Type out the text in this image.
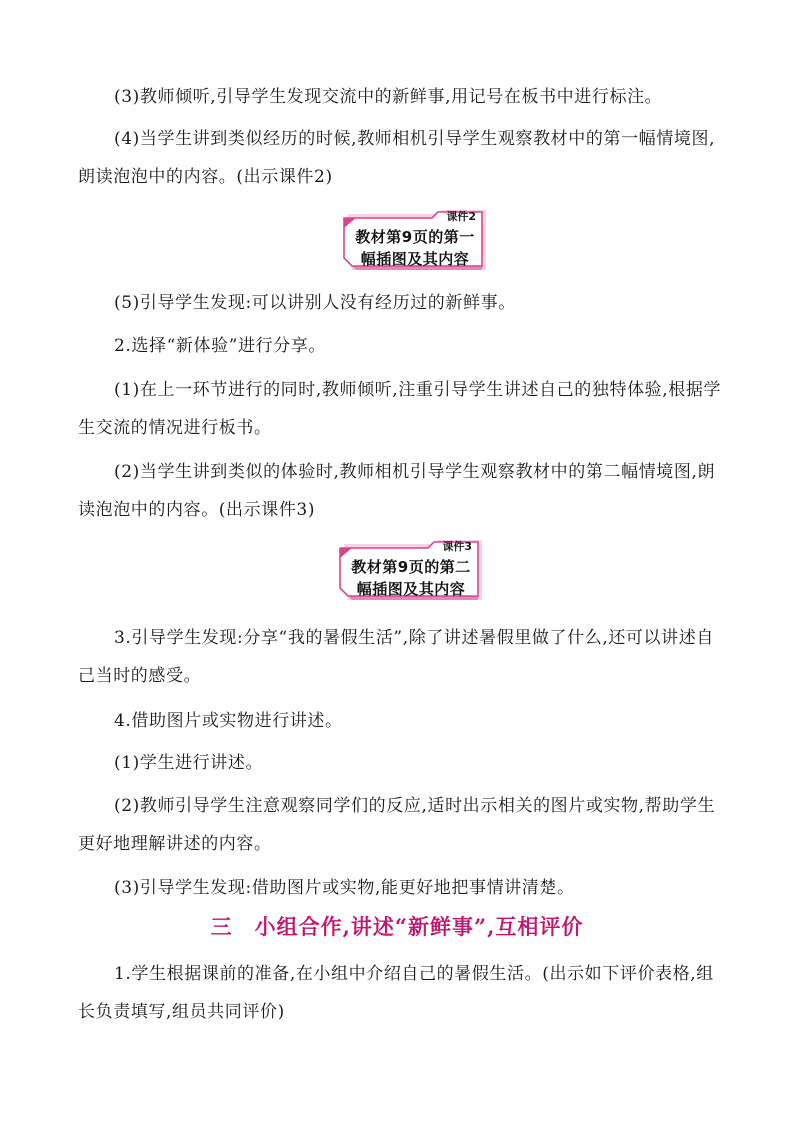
(3)教师倾听,引导学生发现交流中的新鲜事,用记号在板书中进行标注。

(4)当学生讲到类似经历的时候,教师相机引导学生观察教材中的第一幅情境图,朗读泡泡中的内容。(出示课件2)

课件2
教材第9页的第一
幅插图及其内容

(5)引导学生发现:可以讲别人没有经历过的新鲜事。

2.选择“新体验”进行分享。

(1)在上一环节进行的同时,教师倾听,注重引导学生讲述自己的独特体验,根据学生交流的情况进行板书。

(2)当学生讲到类似的体验时,教师相机引导学生观察教材中的第二幅情境图,朗读泡泡中的内容。(出示课件3)

课件3
教材第9页的第二
幅插图及其内容

3.引导学生发现:分享“我的暑假生活”,除了讲述暑假里做了什么,还可以讲述自己当时的感受。

4.借助图片或实物进行讲述。

(1)学生进行讲述。

(2)教师引导学生注意观察同学们的反应,适时出示相关的图片或实物,帮助学生更好地理解讲述的内容。

(3)引导学生发现:借助图片或实物,能更好地把事情讲清楚。

三　小组合作,讲述“新鲜事”,互相评价

1.学生根据课前的准备,在小组中介绍自己的暑假生活。(出示如下评价表格,组长负责填写,组员共同评价)
